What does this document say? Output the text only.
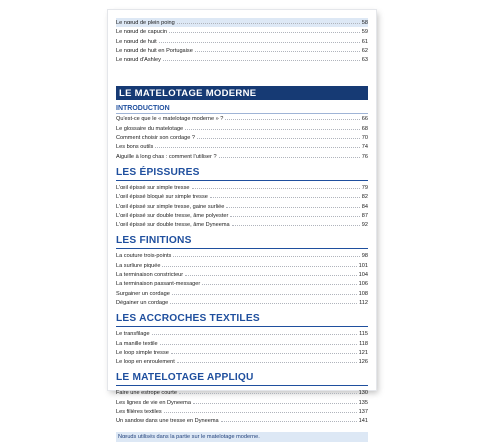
Le nœud de plein poing	58
Le nœud de capucin	59
Le nœud de huit	61
Le nœud de huit en Portugaise	62
Le nœud d'Ashley	63
LE MATELOTAGE MODERNE
INTRODUCTION
Qu'est-ce que le « matelotage moderne » ?	66
Le glossaire du matelotage	68
Comment choisir son cordage ?	70
Les bons outils	74
Aiguille à long chas : comment l'utiliser ?	76
LES ÉPISSURES
L'œil épissé sur simple tresse	79
L'œil épissé bloqué sur simple tresse	82
L'œil épissé sur simple tresse, gaine surliée	84
L'œil épissé sur double tresse, âme polyester	87
L'œil épissé sur double tresse, âme Dyneema	92
LES FINITIONS
La couture trois-points	98
La surliure piquée	101
La terminaison constricteur	104
La terminaison passant-messager	106
Surgainer un cordage	108
Dégainer un cordage	112
LES ACCROCHES TEXTILES
Le transfilage	115
La manille textile	118
Le loop simple tresse	121
Le loop en enroulement	126
LE MATELOTAGE APPLIQU
Faire une estrope courte	130
Les lignes de vie en Dyneema	135
Les filières textiles	137
Un sandow dans une tresse en Dyneema	141
Nœuds utilisés dans la partie sur le matelotage moderne.
